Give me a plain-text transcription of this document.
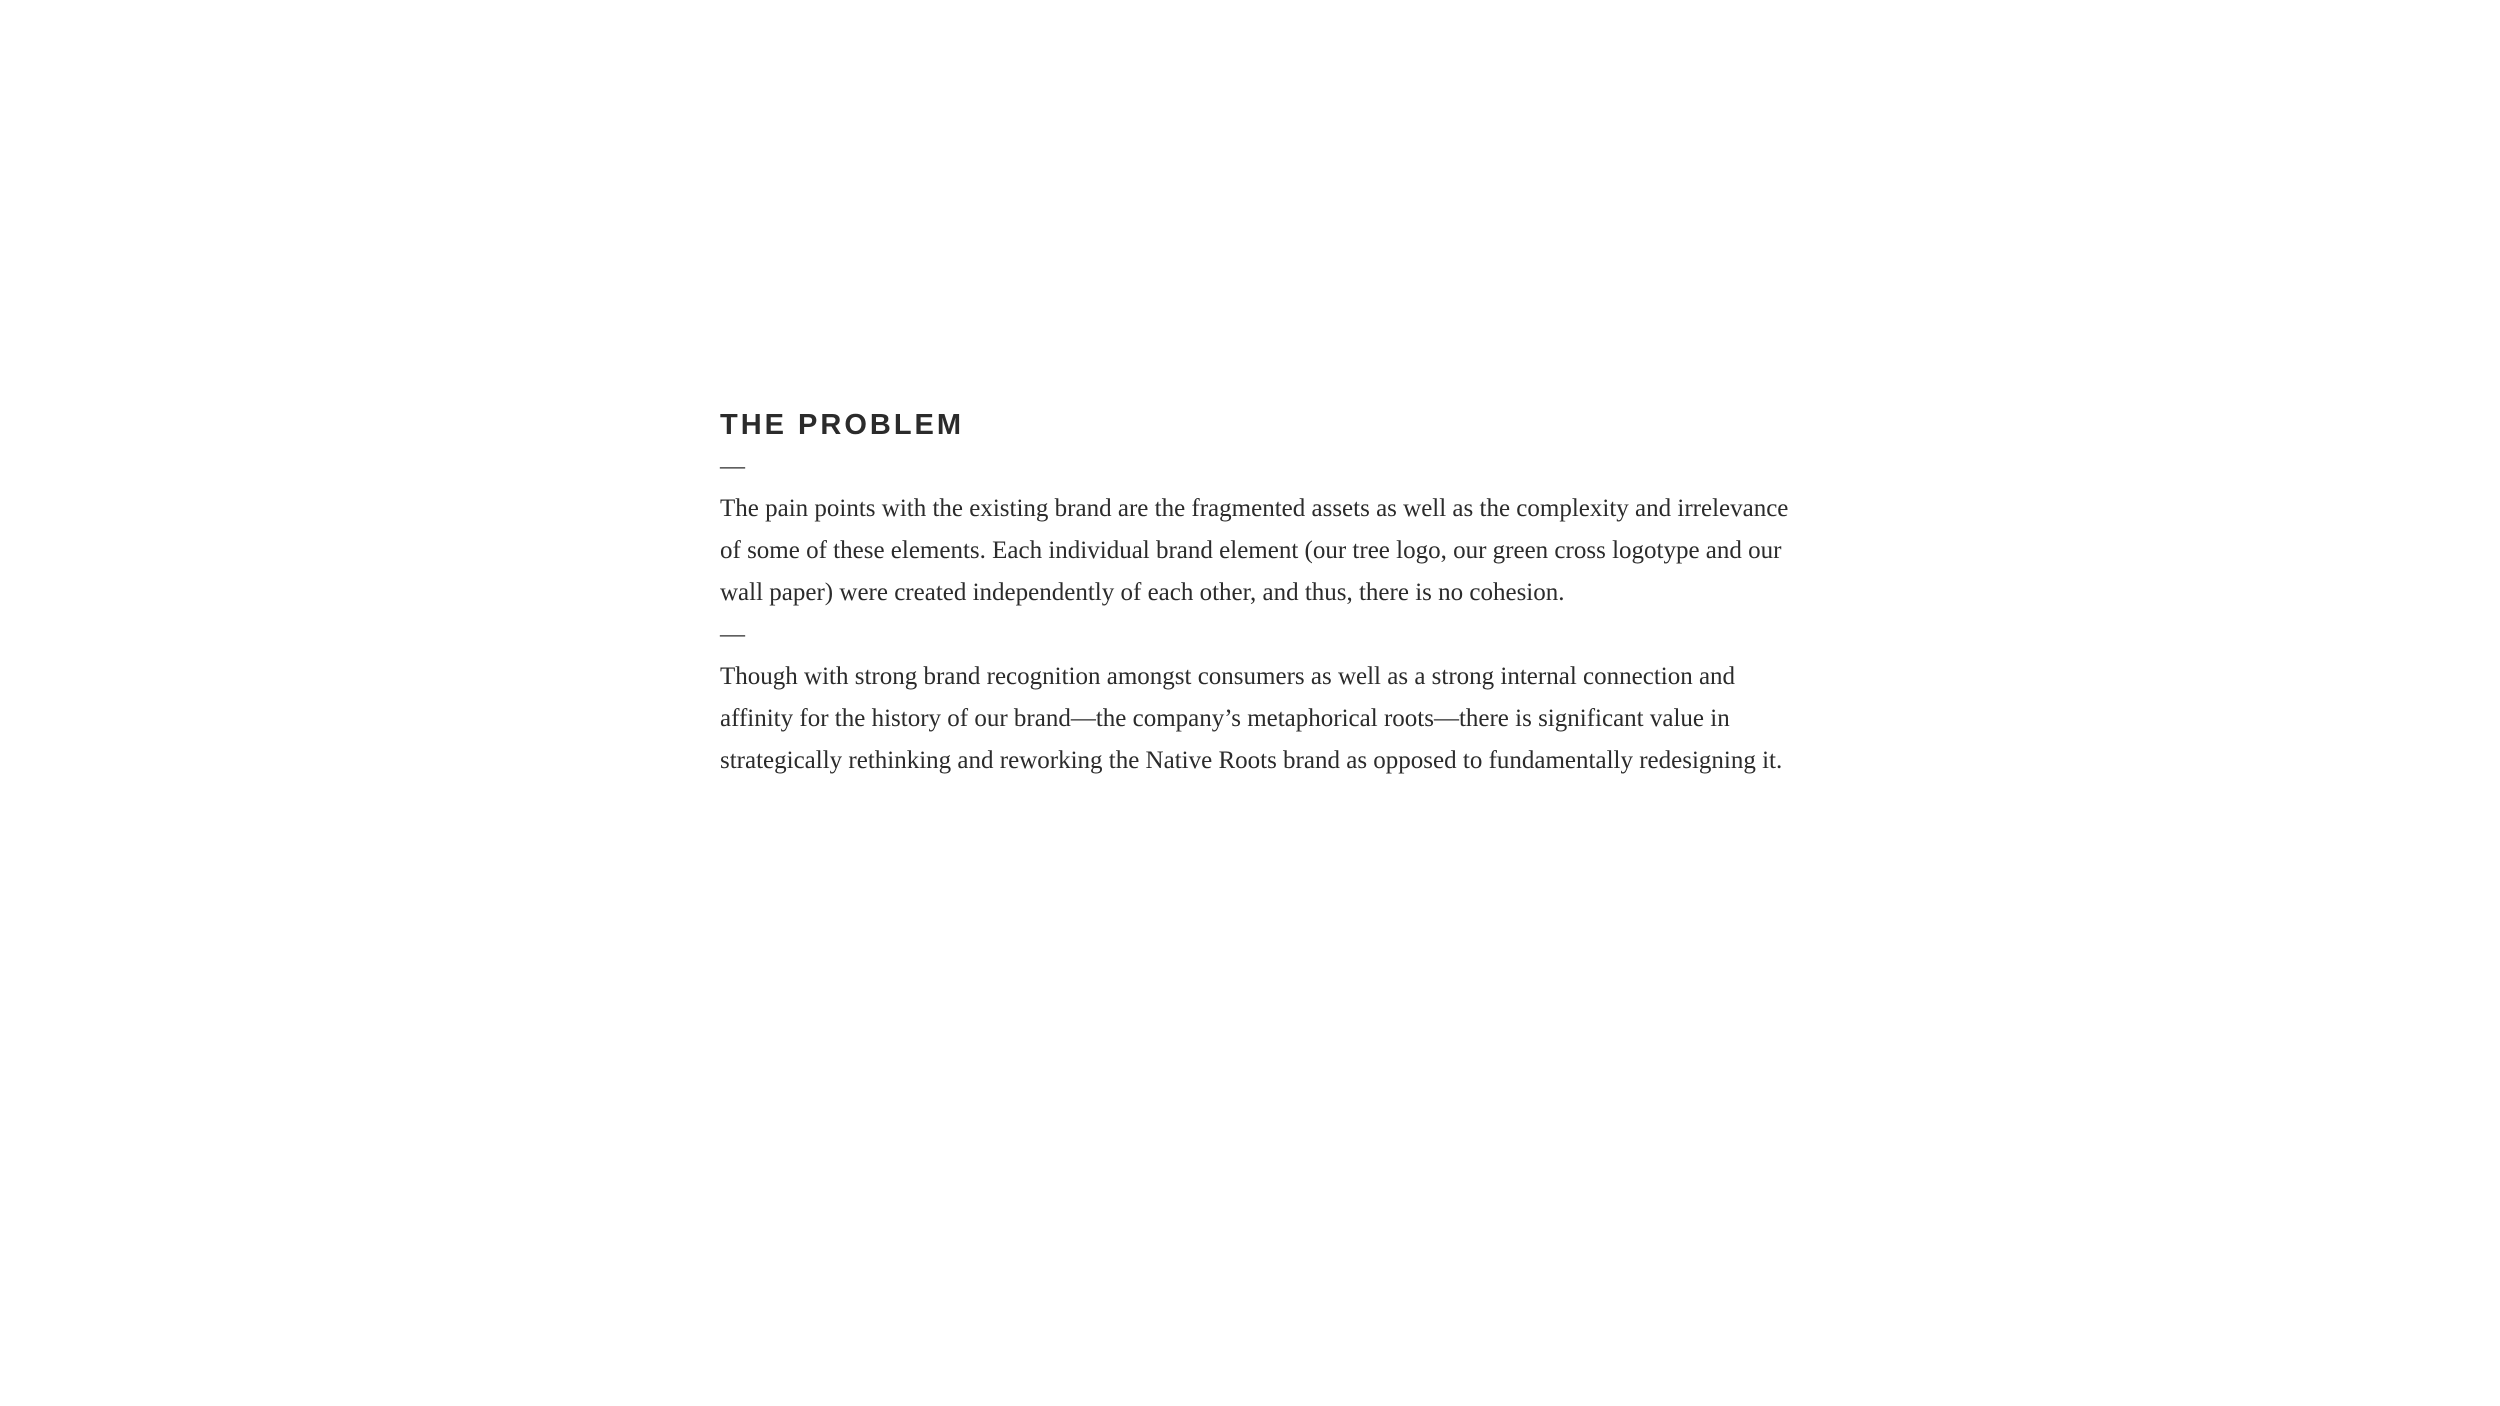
THE PROBLEM
—

The pain points with the existing brand are the fragmented assets as well as the complexity and irrelevance of some of these elements. Each individual brand element (our tree logo, our green cross logotype and our wall paper) were created independently of each other, and thus, there is no cohesion.

—

Though with strong brand recognition amongst consumers as well as a strong internal connection and affinity for the history of our brand—the company’s metaphorical roots—there is significant value in strategically rethinking and reworking the Native Roots brand as opposed to fundamentally redesigning it.
